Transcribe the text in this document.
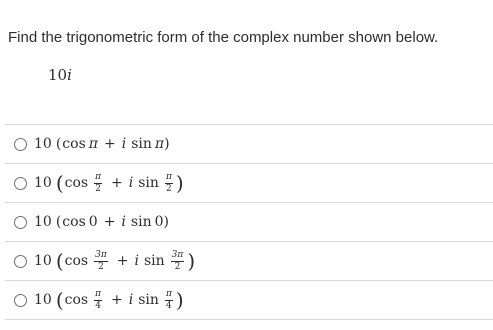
Find the trigonometric form of the complex number shown below.
10i
10 ( cos π + i sin π )
10 ( $\cos \frac{\pi}{2} + i$ $\sin \frac{\pi}{2}$ )
10 ( cos 0 + i sin 0 )
10 ( $\cos \frac{3\pi}{2} + i$ $\sin \frac{3\pi}{2}$ )
10 ( $\cos \frac{\pi}{4} + i$ $\sin \frac{\pi}{4}$ )
